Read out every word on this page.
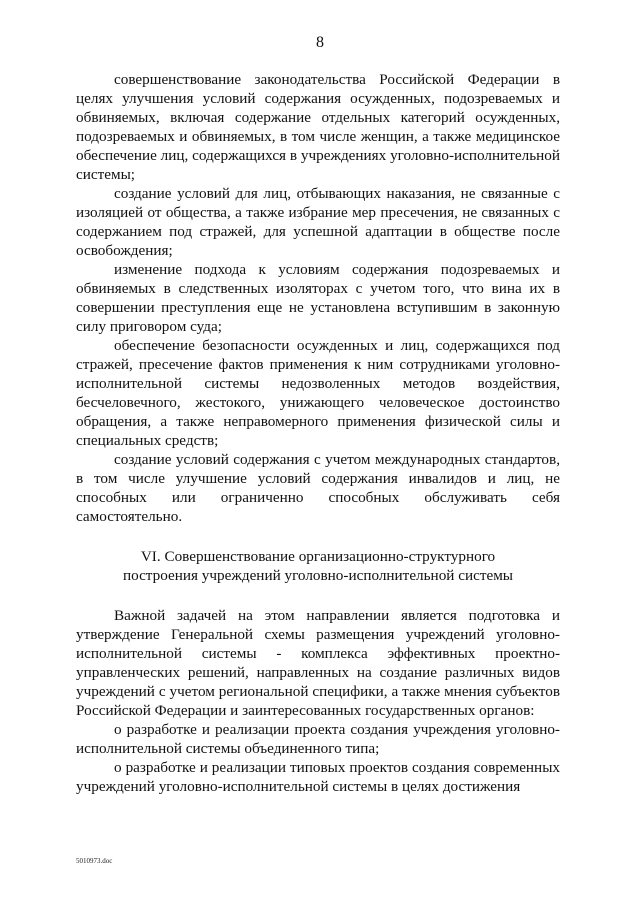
8

совершенствование законодательства Российской Федерации в целях улучшения условий содержания осужденных, подозреваемых и обвиняемых, включая содержание отдельных категорий осужденных, подозреваемых и обвиняемых, в том числе женщин, а также медицинское обеспечение лиц, содержащихся в учреждениях уголовно-исполнительной системы;

создание условий для лиц, отбывающих наказания, не связанные с изоляцией от общества, а также избрание мер пресечения, не связанных с содержанием под стражей, для успешной адаптации в обществе после освобождения;

изменение подхода к условиям содержания подозреваемых и обвиняемых в следственных изоляторах с учетом того, что вина их в совершении преступления еще не установлена вступившим в законную силу приговором суда;

обеспечение безопасности осужденных и лиц, содержащихся под стражей, пресечение фактов применения к ним сотрудниками уголовно-исполнительной системы недозволенных методов воздействия, бесчеловечного, жестокого, унижающего человеческое достоинство обращения, а также неправомерного применения физической силы и специальных средств;

создание условий содержания с учетом международных стандартов, в том числе улучшение условий содержания инвалидов и лиц, не способных или ограниченно способных обслуживать себя самостоятельно.

VI. Совершенствование организационно-структурного
построения учреждений уголовно-исполнительной системы

Важной задачей на этом направлении является подготовка и утверждение Генеральной схемы размещения учреждений уголовно-исполнительной системы - комплекса эффективных проектно-управленческих решений, направленных на создание различных видов учреждений с учетом региональной специфики, а также мнения субъектов Российской Федерации и заинтересованных государственных органов:

о разработке и реализации проекта создания учреждения уголовно-исполнительной системы объединенного типа;

о разработке и реализации типовых проектов создания современных учреждений уголовно-исполнительной системы в целях достижения

5010973.doc
